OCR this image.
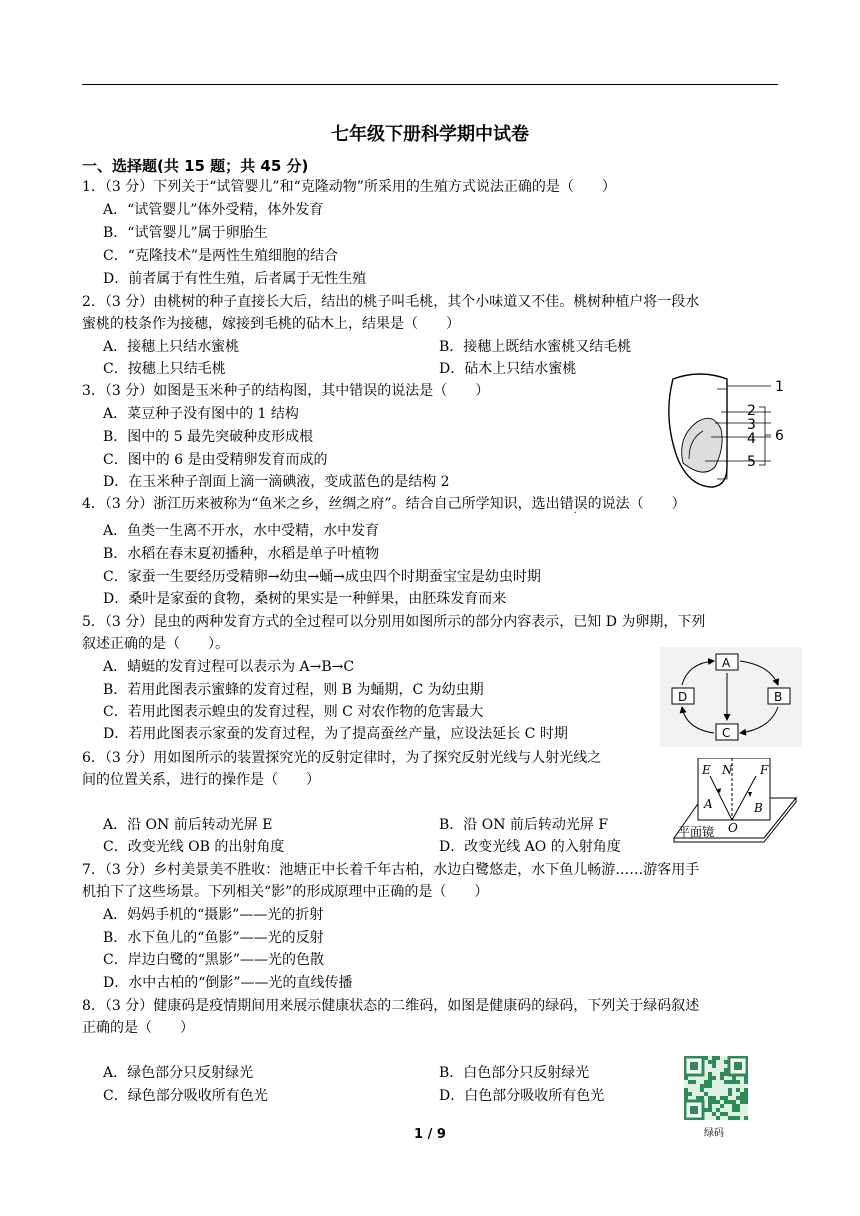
七年级下册科学期中试卷
一、选择题(共 15 题；共 45 分)
1．（3 分）下列关于“试管婴儿”和“克隆动物”所采用的生殖方式说法正确的是（　　）
A．“试管婴儿”体外受精，体外发育
B．“试管婴儿”属于卵胎生
C．“克隆技术”是两性生殖细胞的结合
D．前者属于有性生殖，后者属于无性生殖
2．（3 分）由桃树的种子直接长大后，结出的桃子叫毛桃，其个小味道又不佳。桃树种植户将一段水
蜜桃的枝条作为接穗，嫁接到毛桃的砧木上，结果是（　　）
A．接穗上只结水蜜桃	B．接穗上既结水蜜桃又结毛桃
C．按穗上只结毛桃	D．砧木上只结水蜜桃
3．（3 分）如图是玉米种子的结构图，其中错误的说法是（　　）
A．菜豆种子没有图中的 1 结构
B．图中的 5 最先突破种皮形成根
C．图中的 6 是由受精卵发育而成的
D．在玉米种子剖面上滴一滴碘液，变成蓝色的是结构 2
1
2
3
4
5
6
4．（3 分）浙江历来被称为“鱼米之乡，丝绸之府”。结合自己所学知识，选出错误的说法（　　）
A．鱼类一生离不开水，水中受精，水中发育
B．水稻在春末夏初播种，水稻是单子叶植物
C．家蚕一生要经历受精卵→幼虫→蛹→成虫四个时期蚕宝宝是幼虫时期
D．桑叶是家蚕的食物，桑树的果实是一种鲜果，由胚珠发育而来
5．（3 分）昆虫的两种发育方式的全过程可以分别用如图所示的部分内容表示，已知 D 为卵期，下列
叙述正确的是（　　）。
A．蜻蜓的发育过程可以表示为 A→B→C
B．若用此图表示蜜蜂的发育过程，则 B 为蛹期，C 为幼虫期
C．若用此图表示蝗虫的发育过程，则 C 对农作物的危害最大
D．若用此图表示家蚕的发育过程，为了提高蚕丝产量，应设法延长 C 时期
A
B
C
D
6．（3 分）用如图所示的装置探究光的反射定律时，为了探究反射光线与人射光线之
间的位置关系，进行的操作是（　　）
A．沿 ON 前后转动光屏 E	B．沿 ON 前后转动光屏 F
C．改变光线 OB 的出射角度	D．改变光线 AO 的入射角度
E N F
A	B
O
平面镜
7．（3 分）乡村美景美不胜收：池塘正中长着千年古柏，水边白鹭悠走，水下鱼儿畅游……游客用手
机拍下了这些场景。下列相关“影”的形成原理中正确的是（　　）
A．妈妈手机的“摄影”——光的折射
B．水下鱼儿的“鱼影”——光的反射
C．岸边白鹭的“黑影”——光的色散
D．水中古柏的“倒影”——光的直线传播
8．（3 分）健康码是疫情期间用来展示健康状态的二维码，如图是健康码的绿码，下列关于绿码叙述
正确的是（　　）
A．绿色部分只反射绿光	B．白色部分只反射绿光
C．绿色部分吸收所有色光	D．白色部分吸收所有色光
绿码
1 / 9
